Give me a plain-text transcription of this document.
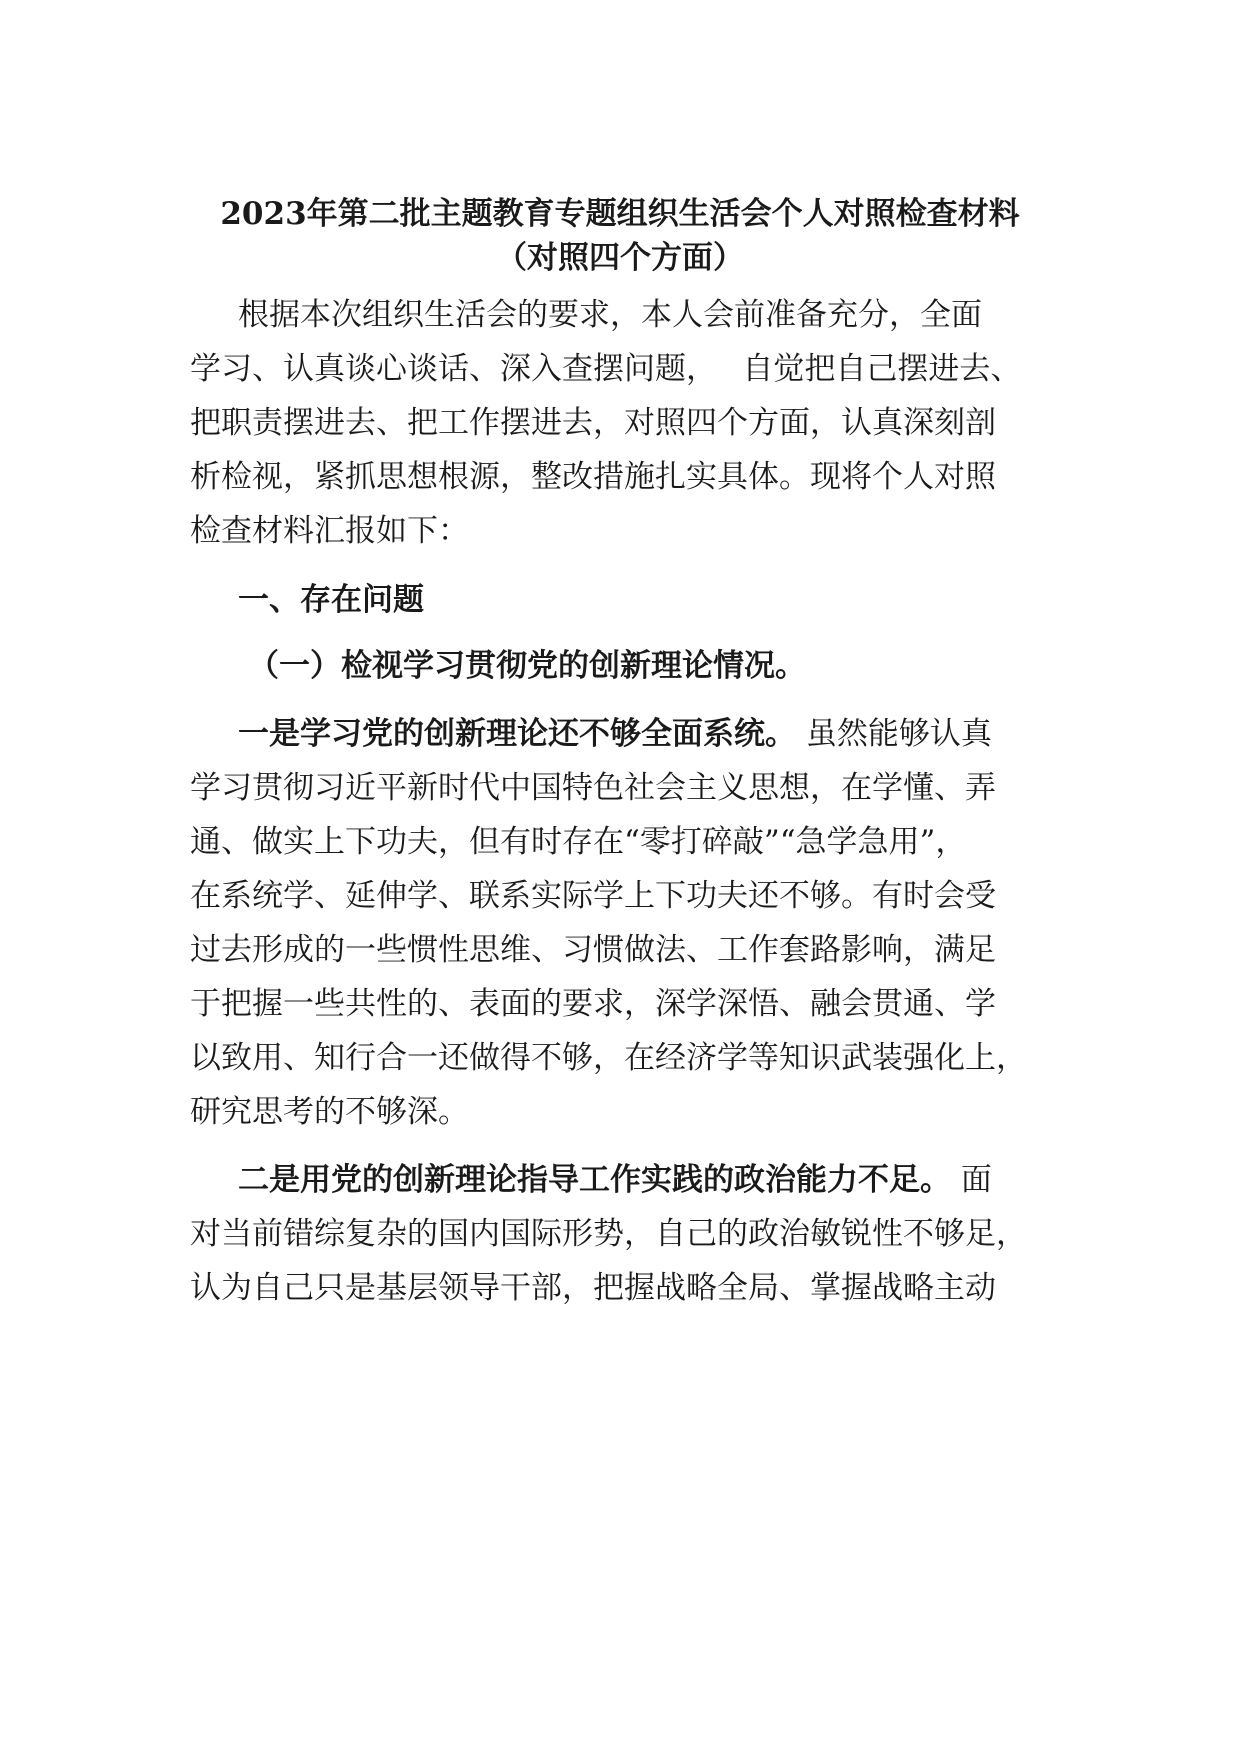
2023年第二批主题教育专题组织生活会个人对照检查材料
（对照四个方面）

根据本次组织生活会的要求，本人会前准备充分，全面

学习、认真谈心谈话、深入查摆问题，　 自觉把自己摆进去、

把职责摆进去、把工作摆进去，对照四个方面，认真深刻剖

析检视，紧抓思想根源，整改措施扎实具体。现将个人对照

检查材料汇报如下：

一、存在问题
（一）检视学习贯彻党的创新理论情况。

一是学习党的创新理论还不够全面系统。 虽然能够认真

学习贯彻习近平新时代中国特色社会主义思想，在学懂、弄

通、做实上下功夫，但有时存在“零打碎敲”“急学急用”，

在系统学、延伸学、联系实际学上下功夫还不够。有时会受

过去形成的一些惯性思维、习惯做法、工作套路影响，满足

于把握一些共性的、表面的要求，深学深悟、融会贯通、学

以致用、知行合一还做得不够，在经济学等知识武装强化上，

研究思考的不够深。

二是用党的创新理论指导工作实践的政治能力不足。 面

对当前错综复杂的国内国际形势，自己的政治敏锐性不够足，

认为自己只是基层领导干部，把握战略全局、掌握战略主动
